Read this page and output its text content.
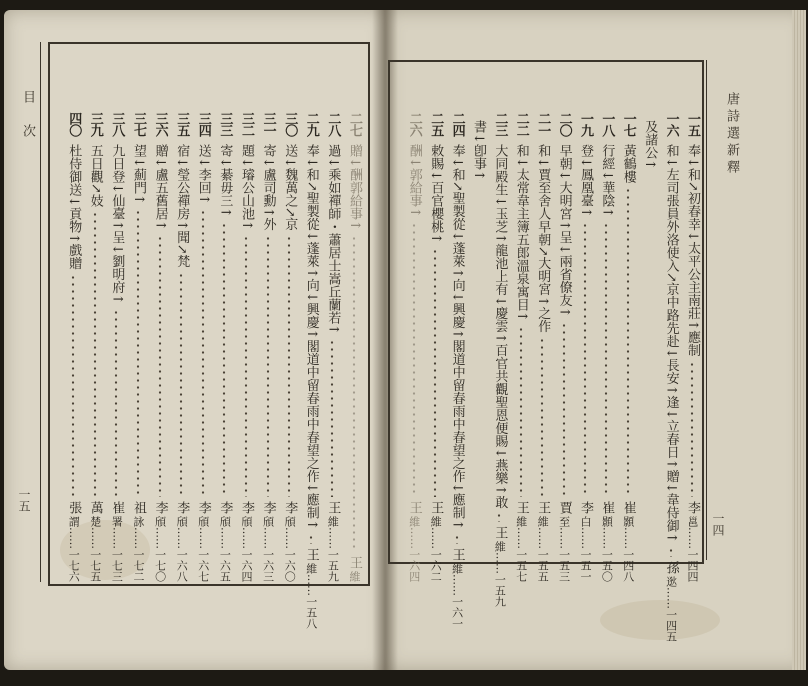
目　次
一五
唐詩選新釋
一四
二七
贈↓酬郭給事↑
王
維
二八
過↓乘如禪師・蕭居士嵩丘蘭若↑
王
維……一五九
二九
奉↓和↗聖製從↓蓬萊↑向↓興慶↑閣道中留春雨中春望之作↓應制↑
王
維……一五八
三〇
送↓魏萬之↗京
李
頎……一六〇
三一
寄↓盧司勳↑外
李
頎……一六三
三二
題↓璿公山池↑
李
頎……一六四
三三
寄↓綦毋三↑
李
頎……一六五
三四
送↓李回↑
李
頎……一六七
三五
宿↓瑩公禪房↑聞↗梵
李
頎……一六八
三六
贈↓盧五舊居↑
李
頎……一七〇
三七
望↓薊門↑
祖
詠……一七二
三八
九日登↓仙臺↑呈↓劉明府↑
崔
署……一七三
三九
五日觀↗妓
萬
楚……一七五
四〇
杜侍御送↓貢物↑戲贈
張
謂……一七六
一五
奉↓和↗初春幸↓太平公主南莊↑應制
李
邕……一四四
一六
和↓左司張員外洛使入↗京中路先赴↓長安↑逢↓立春日↑贈↓韋侍御↑
孫
逖……一四五
及諸公↑
一七
黃鶴樓
崔
顥……一四八
一八
行經↓華陰↑
崔
顥……一五〇
一九
登↓鳳凰臺↑
李
白……一五一
二〇
早朝↓大明宮↑呈↓兩省僚友↑
賈
至……一五三
二一
和↓賈至舍人早朝↗大明宮↑之作
王
維……一五五
二二
和↓太常韋主簿五郎溫泉寓目↑
王
維……一五七
二三
大同殿生↓玉芝↑龍池上有↓慶雲↑百官共觀聖恩便賜↓燕樂↑敢
王
維……一五九
書↓卽事↑
二四
奉↓和↗聖製從↓蓬萊↑向↓興慶↑閣道中留春雨中春望之作↓應制↑
王
維……一六一
二五
敕賜↓百官櫻桃↑
王
維……一六二
二六
酬↓郭給事↑
王
維……一六四
